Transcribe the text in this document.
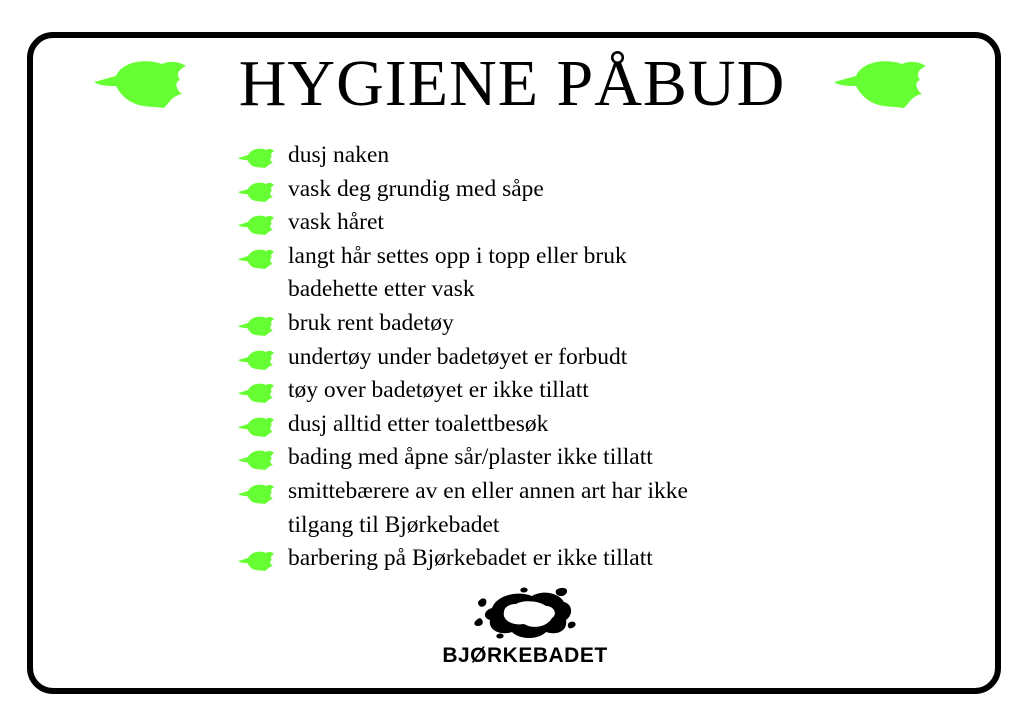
HYGIENE PÅBUD
dusj naken
vask deg grundig med såpe
vask håret
langt hår settes opp i topp eller bruk
badehette etter vask
bruk rent badetøy
undertøy under badetøyet er forbudt
tøy over badetøyet er ikke tillatt
dusj alltid etter toalettbesøk
bading med åpne sår/plaster ikke tillatt
smittebærere av en eller annen art har ikke
tilgang til Bjørkebadet
barbering på Bjørkebadet er ikke tillatt
BJØRKEBADET
